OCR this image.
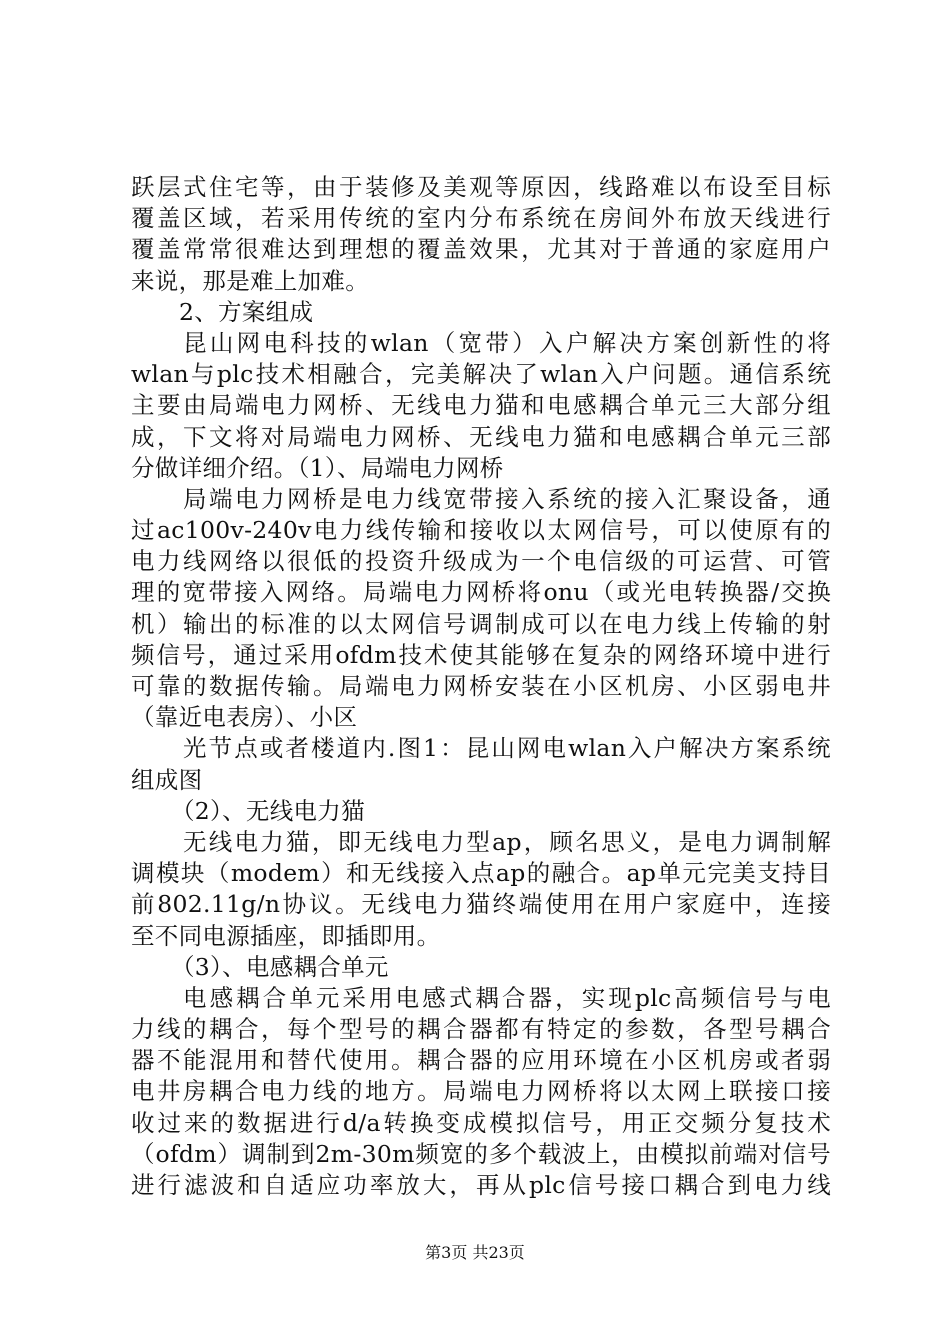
跃层式住宅等，由于装修及美观等原因，线路难以布设至目标
覆盖区域，若采用传统的室内分布系统在房间外布放天线进行
覆盖常常很难达到理想的覆盖效果，尤其对于普通的家庭用户
来说，那是难上加难。
2、方案组成
昆山网电科技的wlan（宽带）入户解决方案创新性的将
wlan与plc技术相融合，完美解决了wlan入户问题。通信系统
主要由局端电力网桥、无线电力猫和电感耦合单元三大部分组
成，下文将对局端电力网桥、无线电力猫和电感耦合单元三部
分做详细介绍。（1）、局端电力网桥
局端电力网桥是电力线宽带接入系统的接入汇聚设备，通
过ac100v-240v电力线传输和接收以太网信号，可以使原有的
电力线网络以很低的投资升级成为一个电信级的可运营、可管
理的宽带接入网络。局端电力网桥将onu（或光电转换器/交换
机）输出的标准的以太网信号调制成可以在电力线上传输的射
频信号，通过采用ofdm技术使其能够在复杂的网络环境中进行
可靠的数据传输。局端电力网桥安装在小区机房、小区弱电井
（靠近电表房）、小区
光节点或者楼道内.图1：昆山网电wlan入户解决方案系统
组成图
（2）、无线电力猫
无线电力猫，即无线电力型ap，顾名思义，是电力调制解
调模块（modem）和无线接入点ap的融合。ap单元完美支持目
前802.11g/n协议。无线电力猫终端使用在用户家庭中，连接
至不同电源插座，即插即用。
（3）、电感耦合单元
电感耦合单元采用电感式耦合器，实现plc高频信号与电
力线的耦合，每个型号的耦合器都有特定的参数，各型号耦合
器不能混用和替代使用。耦合器的应用环境在小区机房或者弱
电井房耦合电力线的地方。局端电力网桥将以太网上联接口接
收过来的数据进行d/a转换变成模拟信号，用正交频分复技术
（ofdm）调制到2m-30m频宽的多个载波上，由模拟前端对信号
进行滤波和自适应功率放大，再从plc信号接口耦合到电力线
第3页 共23页
